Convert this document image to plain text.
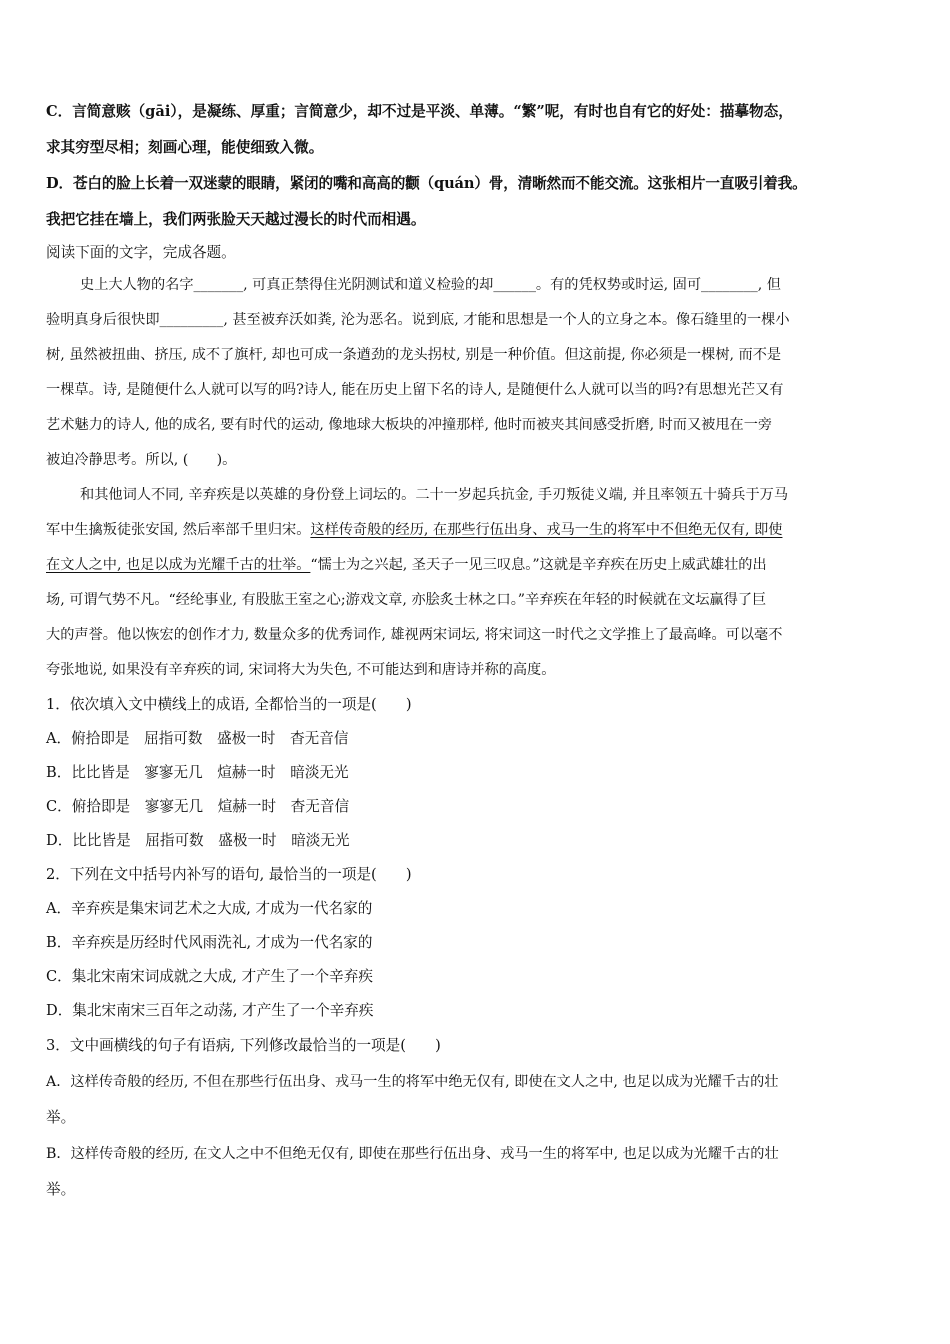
C．言简意赅（gāi），是凝练、厚重；言简意少，却不过是平淡、单薄。“繁”呢，有时也自有它的好处：描摹物态，
求其穷型尽相；刻画心理，能使细致入微。
D．苍白的脸上长着一双迷蒙的眼睛，紧闭的嘴和高高的颧（quán）骨，清晰然而不能交流。这张相片一直吸引着我。
我把它挂在墙上，我们两张脸天天越过漫长的时代而相遇。
阅读下面的文字，完成各题。
史上大人物的名字_______, 可真正禁得住光阴测试和道义检验的却______。有的凭权势或时运, 固可________, 但
验明真身后很快即_________, 甚至被弃沃如粪, 沦为恶名。说到底, 才能和思想是一个人的立身之本。像石缝里的一棵小
树, 虽然被扭曲、挤压, 成不了旗杆, 却也可成一条遒劲的龙头拐杖, 别是一种价值。但这前提, 你必须是一棵树, 而不是
一棵草。诗, 是随便什么人就可以写的吗?诗人, 能在历史上留下名的诗人, 是随便什么人就可以当的吗?有思想光芒又有
艺术魅力的诗人, 他的成名, 要有时代的运动, 像地球大板块的冲撞那样, 他时而被夹其间感受折磨, 时而又被甩在一旁
被迫冷静思考。所以, (　　)。
和其他词人不同, 辛弃疾是以英雄的身份登上词坛的。二十一岁起兵抗金, 手刃叛徒义端, 并且率领五十骑兵于万马
军中生擒叛徒张安国, 然后率部千里归宋。这样传奇般的经历, 在那些行伍出身、戎马一生的将军中不但绝无仅有, 即使
在文人之中, 也足以成为光耀千古的壮举。“懦士为之兴起, 圣天子一见三叹息。”这就是辛弃疾在历史上威武雄壮的出
场, 可谓气势不凡。“经纶事业, 有股肱王室之心;游戏文章, 亦脍炙士林之口。”辛弃疾在年轻的时候就在文坛赢得了巨
大的声誉。他以恢宏的创作才力, 数量众多的优秀词作, 雄视两宋词坛, 将宋词这一时代之文学推上了最高峰。可以毫不
夸张地说, 如果没有辛弃疾的词, 宋词将大为失色, 不可能达到和唐诗并称的高度。
1．依次填入文中横线上的成语, 全都恰当的一项是(　　)
A．俯拾即是　屈指可数　盛极一时　杳无音信
B．比比皆是　寥寥无几　煊赫一时　暗淡无光
C．俯拾即是　寥寥无几　煊赫一时　杳无音信
D．比比皆是　屈指可数　盛极一时　暗淡无光
2．下列在文中括号内补写的语句, 最恰当的一项是(　　)
A．辛弃疾是集宋词艺术之大成, 才成为一代名家的
B．辛弃疾是历经时代风雨洗礼, 才成为一代名家的
C．集北宋南宋词成就之大成, 才产生了一个辛弃疾
D．集北宋南宋三百年之动荡, 才产生了一个辛弃疾
3．文中画横线的句子有语病, 下列修改最恰当的一项是(　　)
A．这样传奇般的经历, 不但在那些行伍出身、戎马一生的将军中绝无仅有, 即使在文人之中, 也足以成为光耀千古的壮
举。
B．这样传奇般的经历, 在文人之中不但绝无仅有, 即使在那些行伍出身、戎马一生的将军中, 也足以成为光耀千古的壮
举。
